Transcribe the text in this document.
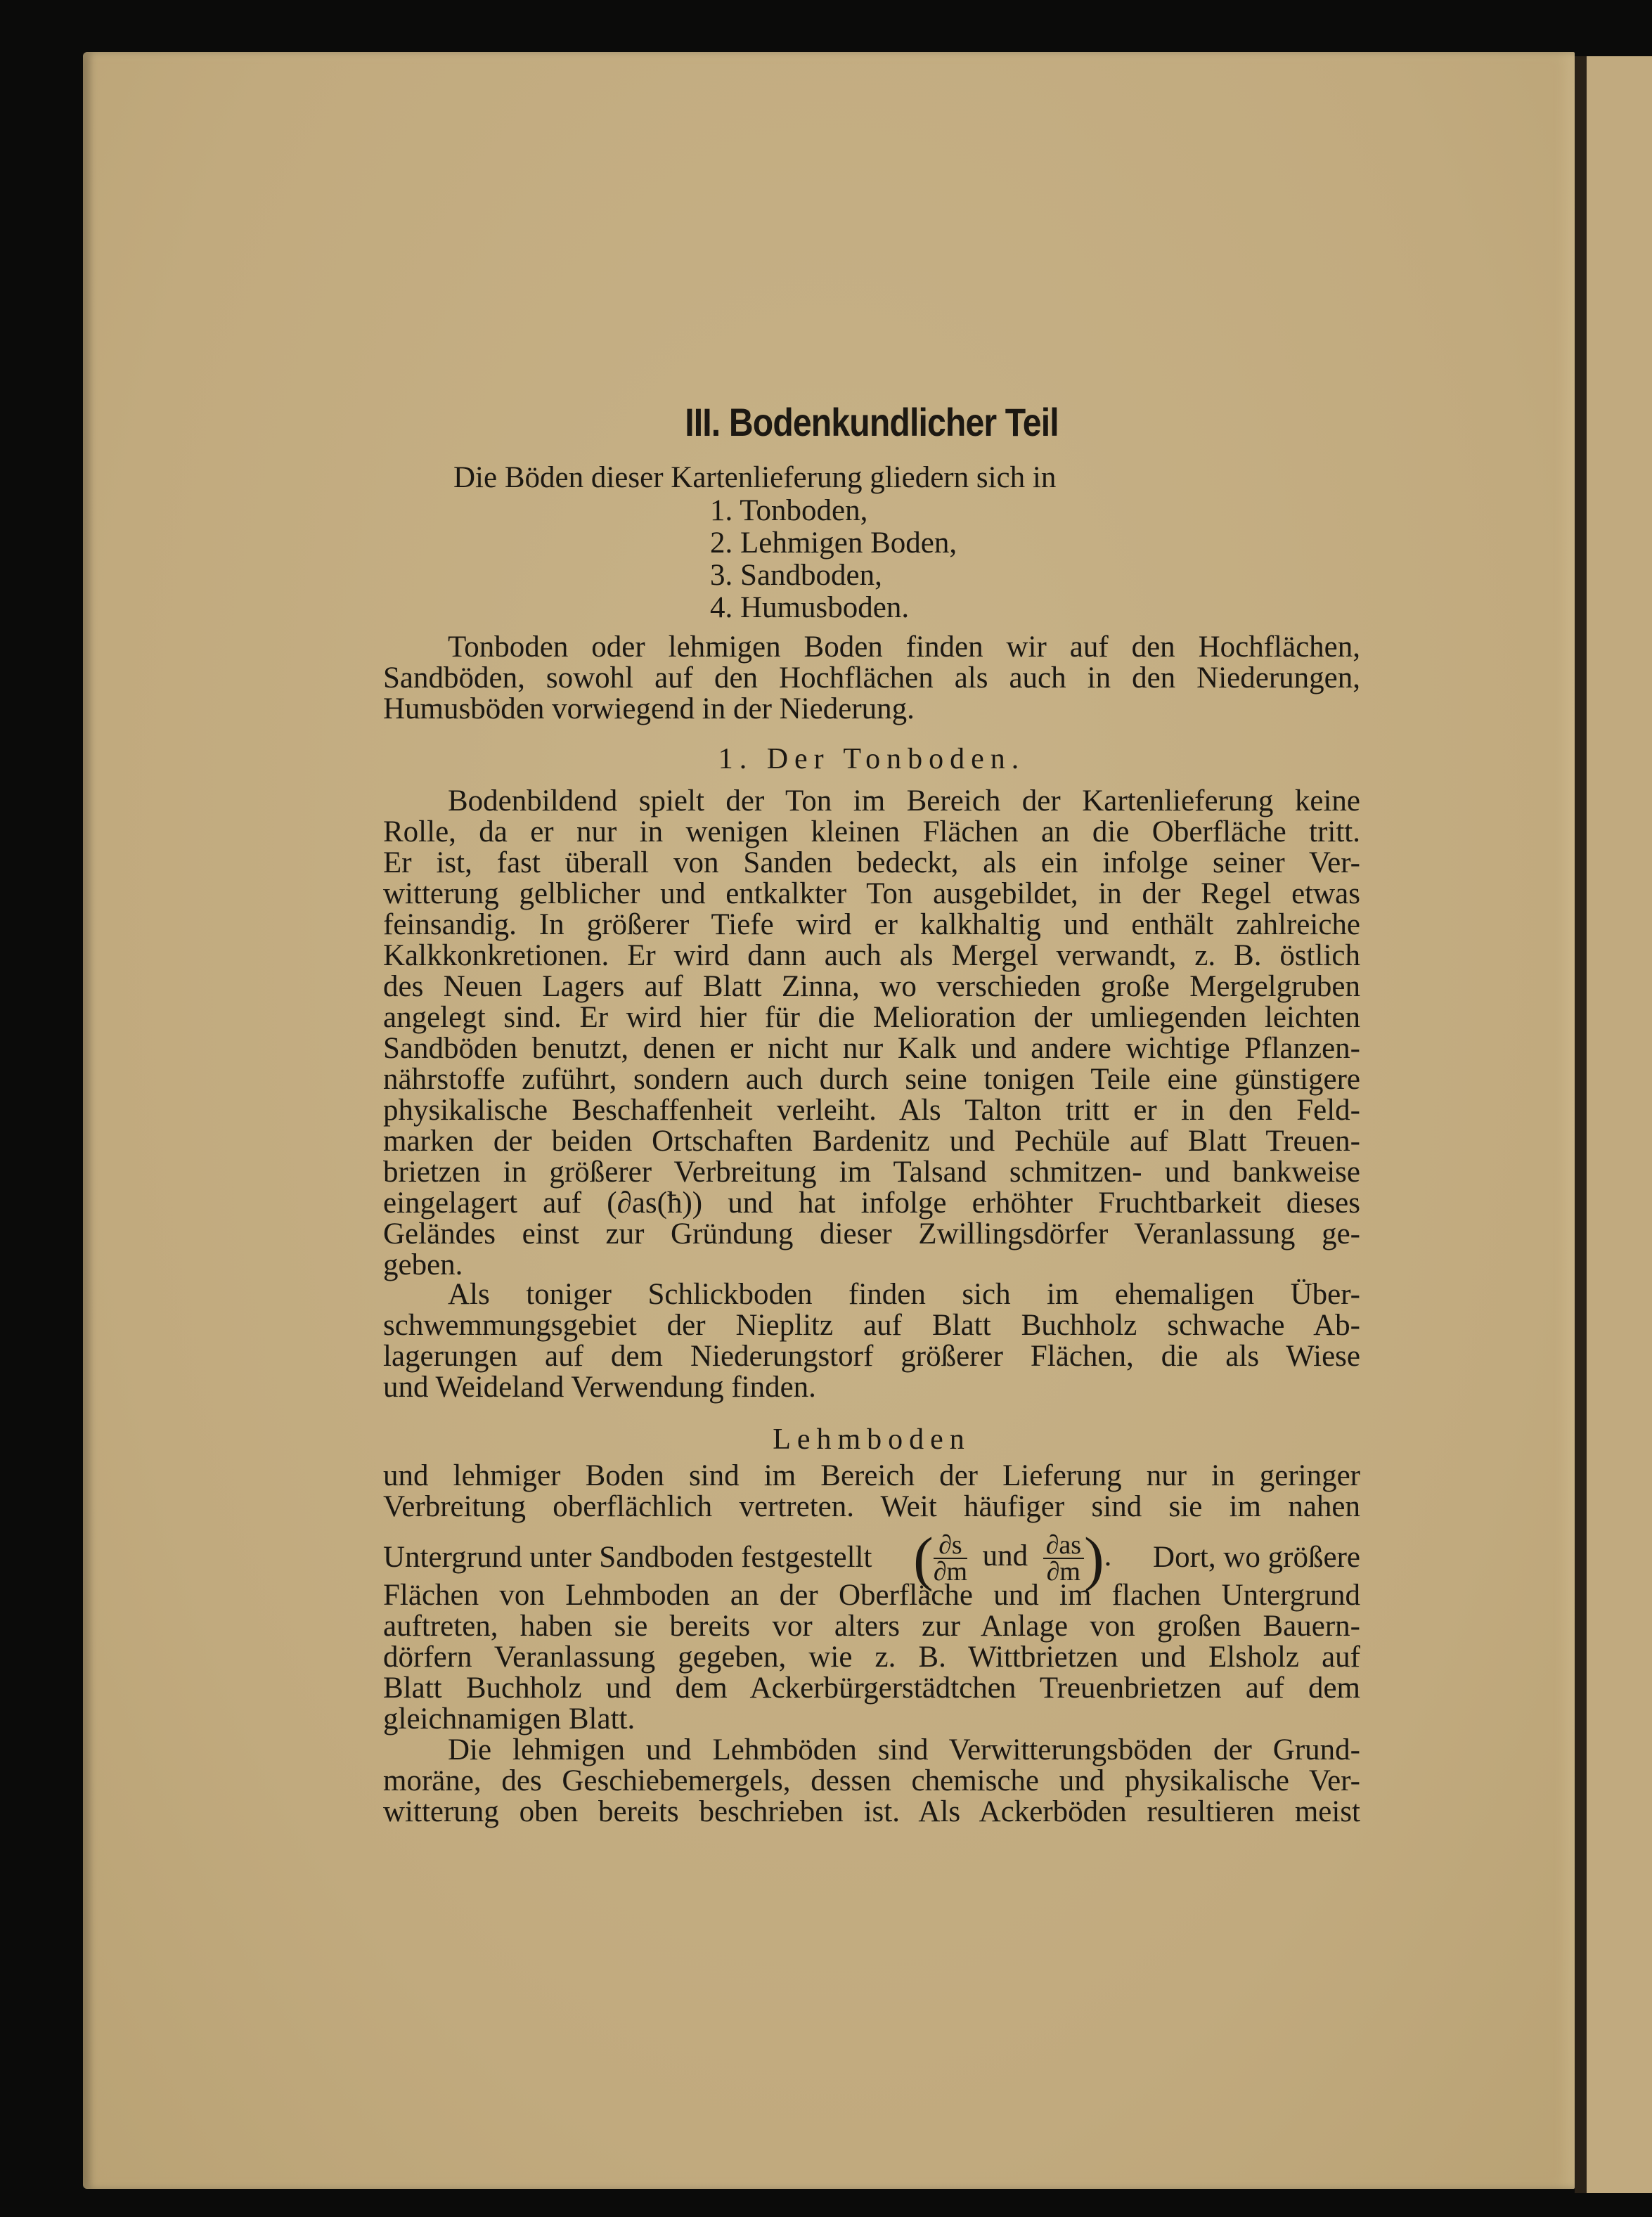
III. Bodenkundlicher Teil
Die Böden dieser Kartenlieferung gliedern sich in
1. Tonboden,
2. Lehmigen Boden,
3. Sandboden,
4. Humusboden.
Tonboden oder lehmigen Boden finden wir auf den Hochflächen,
Sandböden, sowohl auf den Hochflächen als auch in den Niederungen,
Humusböden vorwiegend in der Niederung.
1. Der Tonboden.
Bodenbildend spielt der Ton im Bereich der Kartenlieferung keine
Rolle, da er nur in wenigen kleinen Flächen an die Oberfläche tritt.
Er ist, fast überall von Sanden bedeckt, als ein infolge seiner Ver-
witterung gelblicher und entkalkter Ton ausgebildet, in der Regel etwas
feinsandig. In größerer Tiefe wird er kalkhaltig und enthält zahlreiche
Kalkkonkretionen. Er wird dann auch als Mergel verwandt, z. B. östlich
des Neuen Lagers auf Blatt Zinna, wo verschieden große Mergelgruben
angelegt sind. Er wird hier für die Melioration der umliegenden leichten
Sandböden benutzt, denen er nicht nur Kalk und andere wichtige Pflanzen-
nährstoffe zuführt, sondern auch durch seine tonigen Teile eine günstigere
physikalische Beschaffenheit verleiht. Als Talton tritt er in den Feld-
marken der beiden Ortschaften Bardenitz und Pechüle auf Blatt Treuen-
brietzen in größerer Verbreitung im Talsand schmitzen- und bankweise
eingelagert auf (∂as(ħ)) und hat infolge erhöhter Fruchtbarkeit dieses
Geländes einst zur Gründung dieser Zwillingsdörfer Veranlassung ge-
geben.
Als toniger Schlickboden finden sich im ehemaligen Über-
schwemmungsgebiet der Nieplitz auf Blatt Buchholz schwache Ab-
lagerungen auf dem Niederungstorf größerer Flächen, die als Wiese
und Weideland Verwendung finden.
Lehmboden
und lehmiger Boden sind im Bereich der Lieferung nur in geringer
Verbreitung oberflächlich vertreten. Weit häufiger sind sie im nahen
Untergrund unter Sandboden festgestellt ( $\frac{\partial s}{\partial m}$ und $\frac{\partial as}{\partial m}$ ). Dort, wo größere
Flächen von Lehmboden an der Oberfläche und im flachen Untergrund
auftreten, haben sie bereits vor alters zur Anlage von großen Bauern-
dörfern Veranlassung gegeben, wie z. B. Wittbrietzen und Elsholz auf
Blatt Buchholz und dem Ackerbürgerstädtchen Treuenbrietzen auf dem
gleichnamigen Blatt.
Die lehmigen und Lehmböden sind Verwitterungsböden der Grund-
moräne, des Geschiebemergels, dessen chemische und physikalische Ver-
witterung oben bereits beschrieben ist. Als Ackerböden resultieren meist
